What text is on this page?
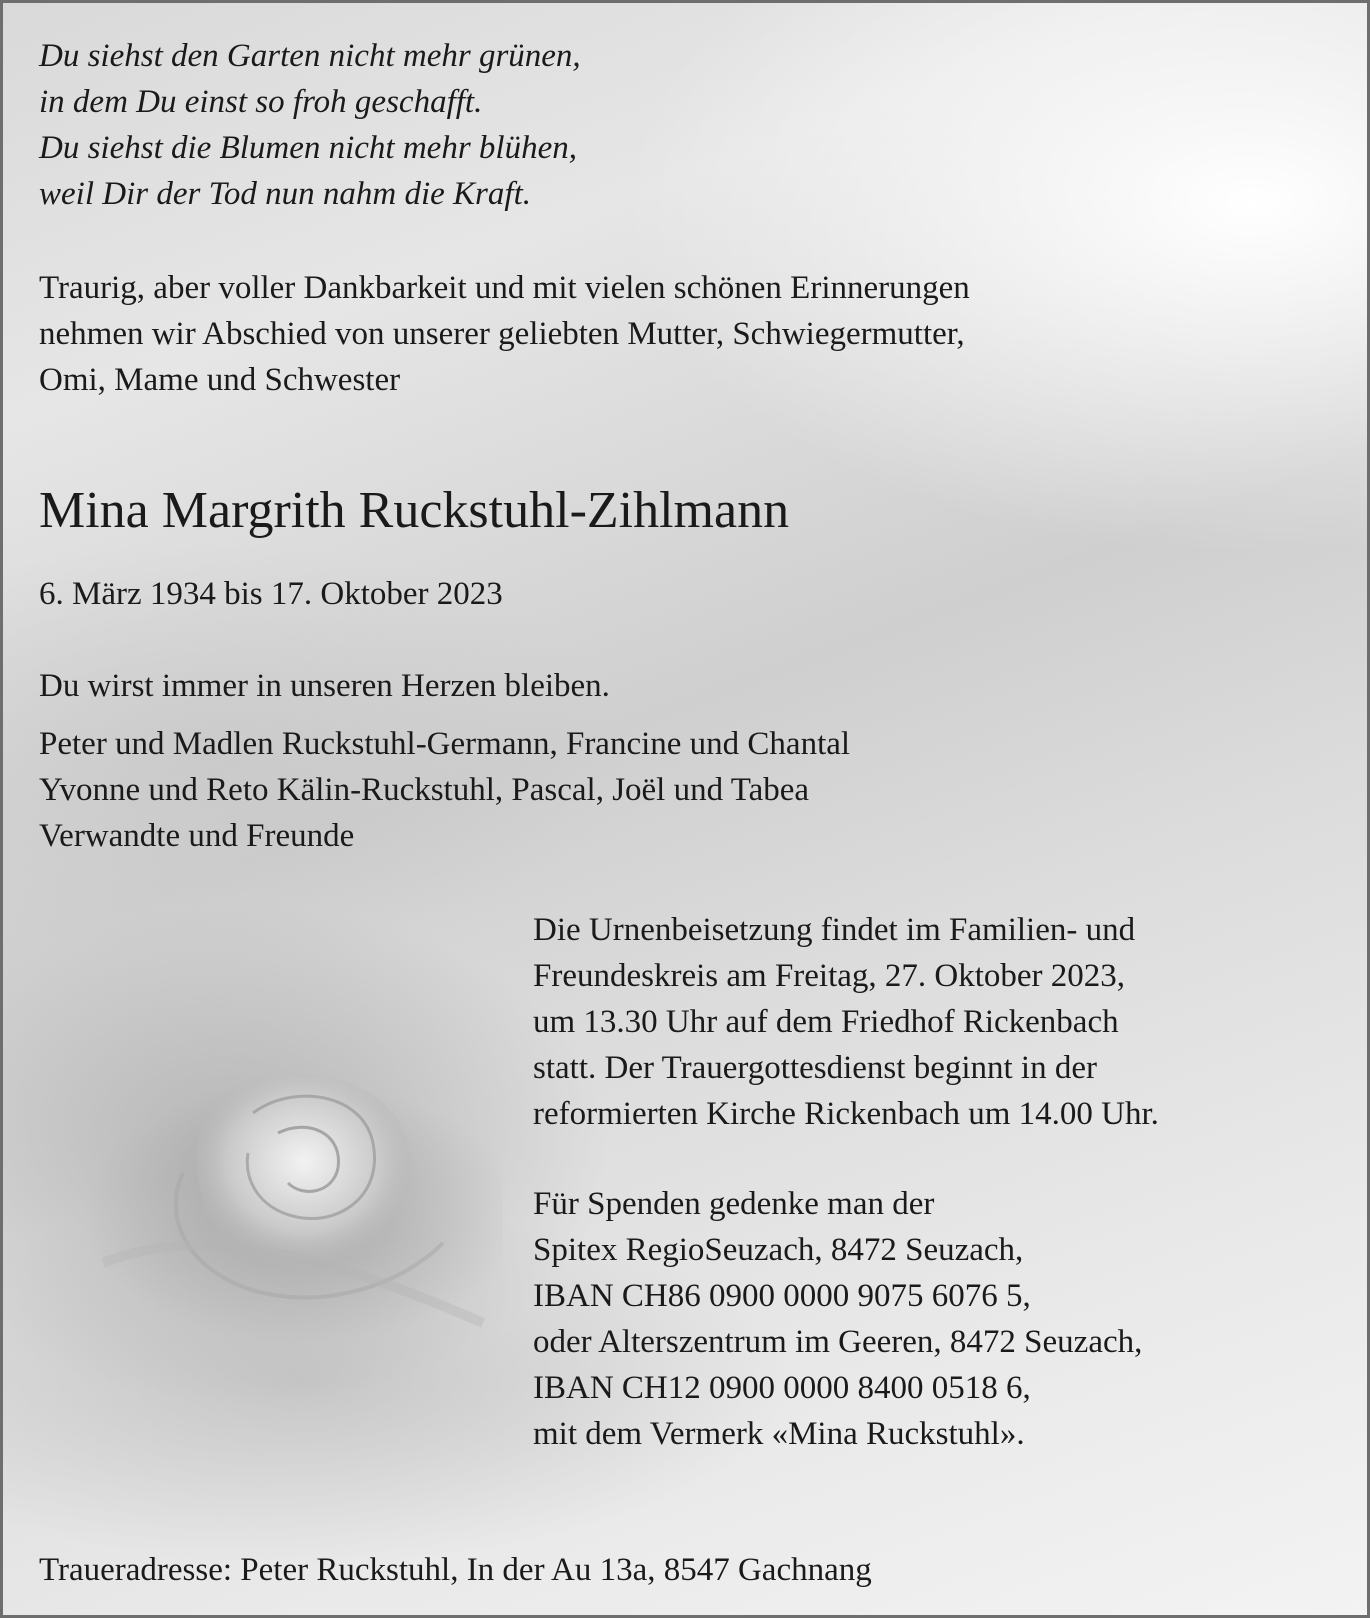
Du siehst den Garten nicht mehr grünen,
in dem Du einst so froh geschafft.
Du siehst die Blumen nicht mehr blühen,
weil Dir der Tod nun nahm die Kraft.
Traurig, aber voller Dankbarkeit und mit vielen schönen Erinnerungen
nehmen wir Abschied von unserer geliebten Mutter, Schwiegermutter,
Omi, Mame und Schwester
Mina Margrith Ruckstuhl-Zihlmann
6. März 1934 bis 17. Oktober 2023
Du wirst immer in unseren Herzen bleiben.
Peter und Madlen Ruckstuhl-Germann, Francine und Chantal
Yvonne und Reto Kälin-Ruckstuhl, Pascal, Joël und Tabea
Verwandte und Freunde
Die Urnenbeisetzung findet im Familien- und
Freundeskreis am Freitag, 27. Oktober 2023,
um 13.30 Uhr auf dem Friedhof Rickenbach
statt. Der Trauergottesdienst beginnt in der
reformierten Kirche Rickenbach um 14.00 Uhr.
Für Spenden gedenke man der
Spitex RegioSeuzach, 8472 Seuzach,
IBAN CH86 0900 0000 9075 6076 5,
oder Alterszentrum im Geeren, 8472 Seuzach,
IBAN CH12 0900 0000 8400 0518 6,
mit dem Vermerk «Mina Ruckstuhl».
Traueradresse: Peter Ruckstuhl, In der Au 13a, 8547 Gachnang
